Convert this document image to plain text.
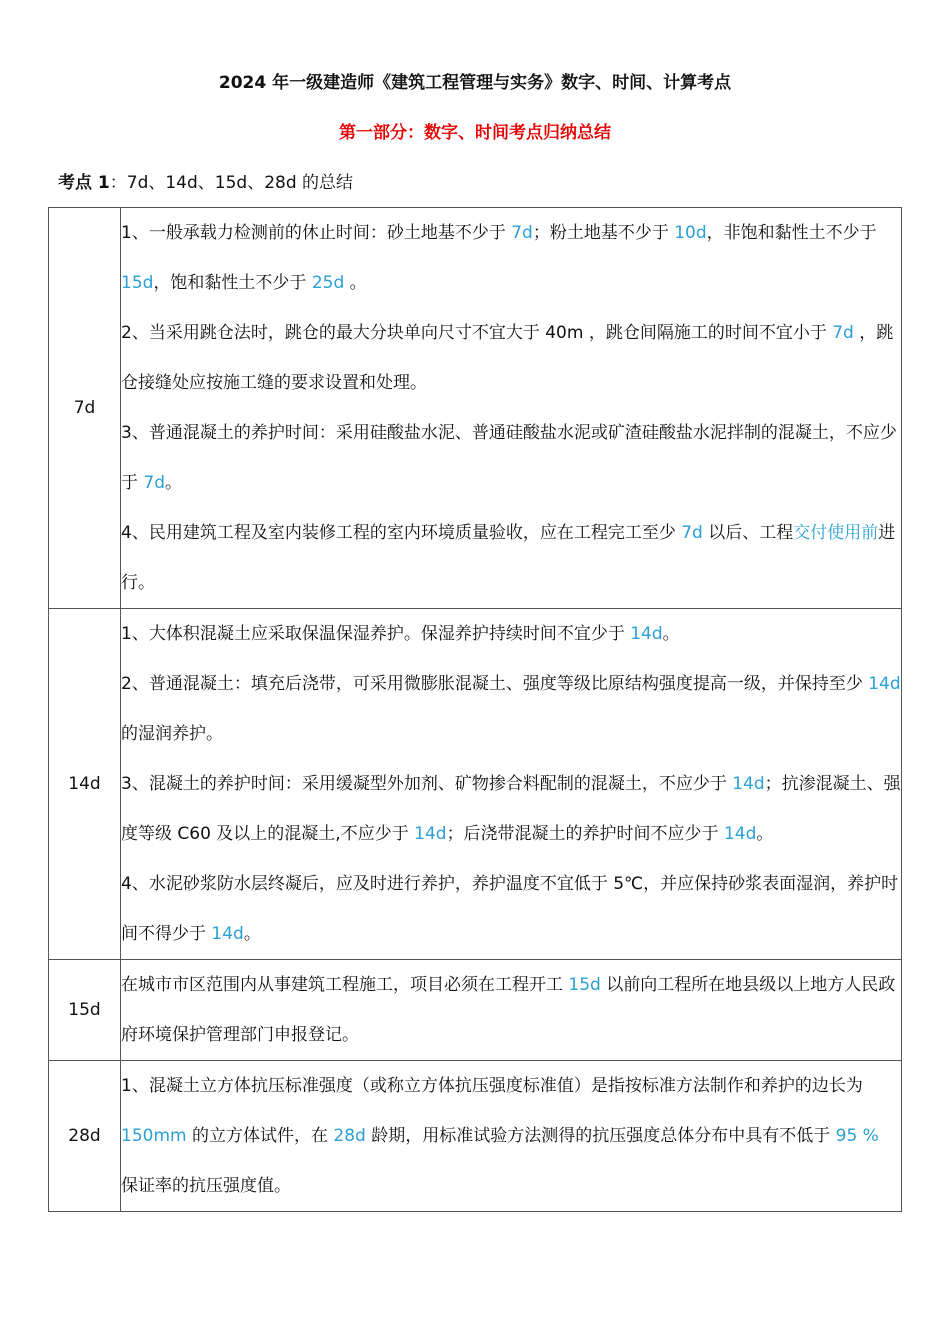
2024 年一级建造师《建筑工程管理与实务》数字、时间、计算考点
第一部分：数字、时间考点归纳总结
考点 1：7d、14d、15d、28d 的总结
7d	1、一般承载力检测前的休止时间：砂土地基不少于 7d；粉土地基不少于 10d，非饱和黏性土不少于 15d，饱和黏性土不少于 25d 。

2、当采用跳仓法时，跳仓的最大分块单向尺寸不宜大于 40m ，跳仓间隔施工的时间不宜小于 7d ，跳仓接缝处应按施工缝的要求设置和处理。

3、普通混凝土的养护时间：采用硅酸盐水泥、普通硅酸盐水泥或矿渣硅酸盐水泥拌制的混凝土，不应少于 7d。

4、民用建筑工程及室内装修工程的室内环境质量验收，应在工程完工至少 7d 以后、工程交付使用前进行。

14d	1、大体积混凝土应采取保温保湿养护。保湿养护持续时间不宜少于 14d。

2、普通混凝土：填充后浇带，可采用微膨胀混凝土、强度等级比原结构强度提高一级，并保持至少 14d 的湿润养护。

3、混凝土的养护时间：采用缓凝型外加剂、矿物掺合料配制的混凝土，不应少于 14d；抗渗混凝土、强度等级 C60 及以上的混凝土,不应少于 14d；后浇带混凝土的养护时间不应少于 14d。

4、水泥砂浆防水层终凝后，应及时进行养护，养护温度不宜低于 5℃，并应保持砂浆表面湿润，养护时间不得少于 14d。

15d	在城市市区范围内从事建筑工程施工，项目必须在工程开工 15d 以前向工程所在地县级以上地方人民政府环境保护管理部门申报登记。

28d	1、混凝土立方体抗压标准强度（或称立方体抗压强度标准值）是指按标准方法制作和养护的边长为 150mm 的立方体试件，在 28d 龄期，用标准试验方法测得的抗压强度总体分布中具有不低于 95 % 保证率的抗压强度值。
